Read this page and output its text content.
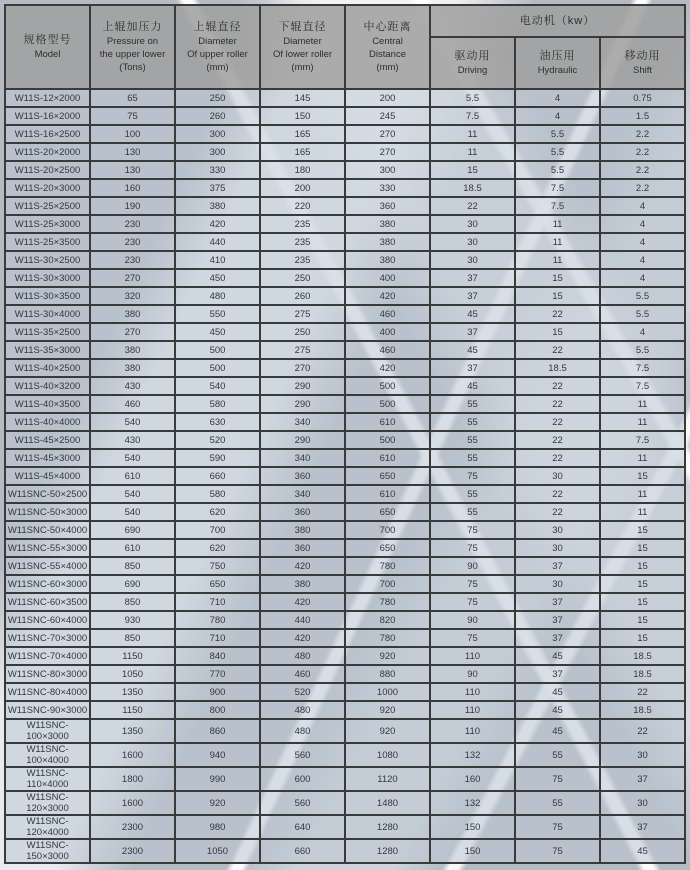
规格型号
Model

上辊加压力
Pressure on
the upper lower
(Tons)

上辊直径
Diameter
Of upper roller
(mm)

下辊直径
Diameter
Of lower roller
(mm)

中心距离
Central
Distance
(mm)

电动机（kw）

驱动用
Driving

油压用
Hydraulic

移动用
Shift

W11S-12×2000	65	250	145	200	5.5	4	0.75
W11S-16×2000	75	260	150	245	7.5	4	1.5
W11S-16×2500	100	300	165	270	11	5.5	2.2
W11S-20×2000	130	300	165	270	11	5.5	2.2
W11S-20×2500	130	330	180	300	15	5.5	2.2
W11S-20×3000	160	375	200	330	18.5	7.5	2.2
W11S-25×2500	190	380	220	360	22	7.5	4
W11S-25×3000	230	420	235	380	30	11	4
W11S-25×3500	230	440	235	380	30	11	4
W11S-30×2500	230	410	235	380	30	11	4
W11S-30×3000	270	450	250	400	37	15	4
W11S-30×3500	320	480	260	420	37	15	5.5
W11S-30×4000	380	550	275	460	45	22	5.5
W11S-35×2500	270	450	250	400	37	15	4
W11S-35×3000	380	500	275	460	45	22	5.5
W11S-40×2500	380	500	270	420	37	18.5	7.5
W11S-40×3200	430	540	290	500	45	22	7.5
W11S-40×3500	460	580	290	500	55	22	11
W11S-40×4000	540	630	340	610	55	22	11
W11S-45×2500	430	520	290	500	55	22	7.5
W11S-45×3000	540	590	340	610	55	22	11
W11S-45×4000	610	660	360	650	75	30	15
W11SNC-50×2500	540	580	340	610	55	22	11
W11SNC-50×3000	540	620	360	650	55	22	11
W11SNC-50×4000	690	700	380	700	75	30	15
W11SNC-55×3000	610	620	360	650	75	30	15
W11SNC-55×4000	850	750	420	780	90	37	15
W11SNC-60×3000	690	650	380	700	75	30	15
W11SNC-60×3500	850	710	420	780	75	37	15
W11SNC-60×4000	930	780	440	820	90	37	15
W11SNC-70×3000	850	710	420	780	75	37	15
W11SNC-70×4000	1150	840	480	920	110	45	18.5
W11SNC-80×3000	1050	770	460	880	90	37	18.5
W11SNC-80×4000	1350	900	520	1000	110	45	22
W11SNC-90×3000	1150	800	480	920	110	45	18.5
W11SNC-100×3000	1350	860	480	920	110	45	22
W11SNC-100×4000	1600	940	560	1080	132	55	30
W11SNC-110×4000	1800	990	600	1120	160	75	37
W11SNC-120×3000	1600	920	560	1480	132	55	30
W11SNC-120×4000	2300	980	640	1280	150	75	37
W11SNC-150×3000	2300	1050	660	1280	150	75	45
